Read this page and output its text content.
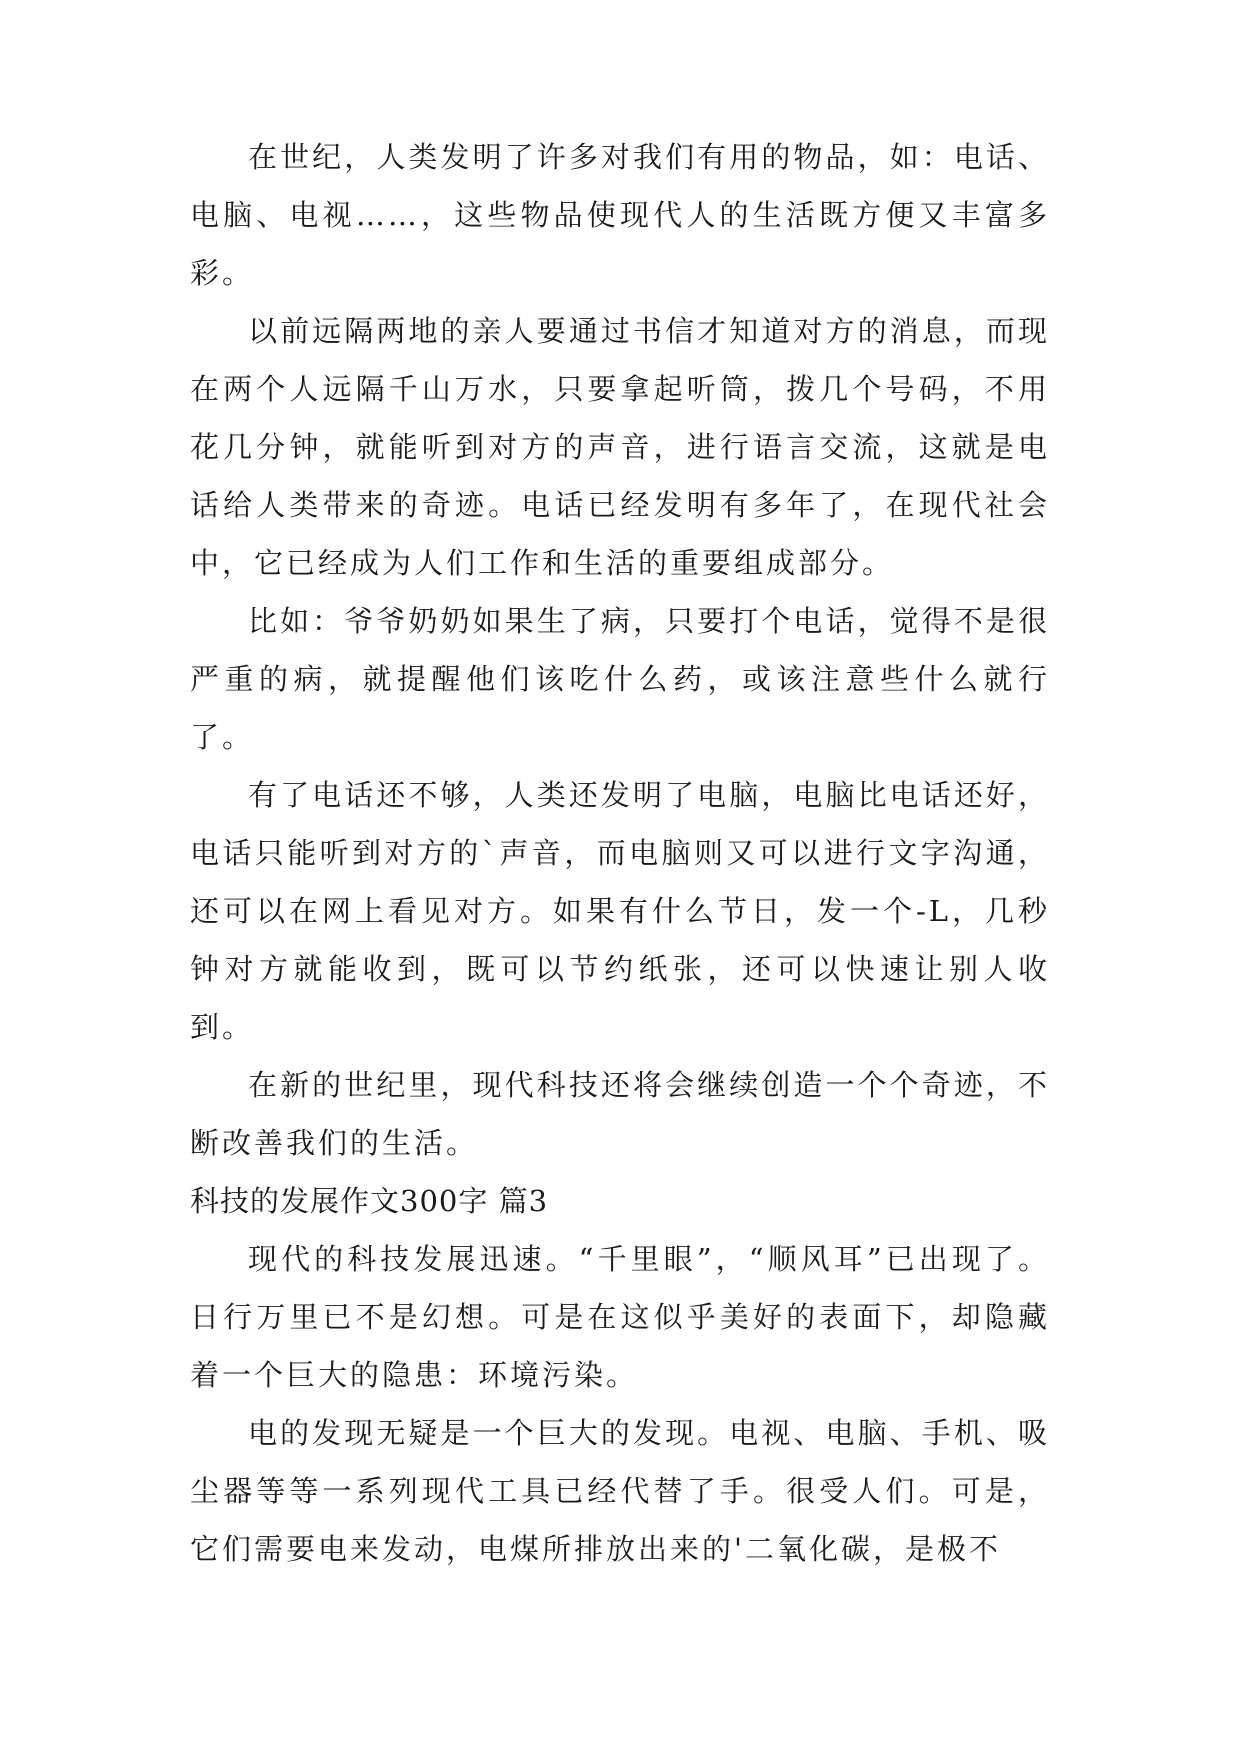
在世纪，人类发明了许多对我们有用的物品，如：电话、电脑、电视……，这些物品使现代人的生活既方便又丰富多彩。

以前远隔两地的亲人要通过书信才知道对方的消息，而现在两个人远隔千山万水，只要拿起听筒，拨几个号码，不用花几分钟，就能听到对方的声音，进行语言交流，这就是电话给人类带来的奇迹。电话已经发明有多年了，在现代社会中，它已经成为人们工作和生活的重要组成部分。

比如：爷爷奶奶如果生了病，只要打个电话，觉得不是很严重的病，就提醒他们该吃什么药，或该注意些什么就行了。

有了电话还不够，人类还发明了电脑，电脑比电话还好，电话只能听到对方的`声音，而电脑则又可以进行文字沟通，还可以在网上看见对方。如果有什么节日，发一个-L，几秒钟对方就能收到，既可以节约纸张，还可以快速让别人收到。

在新的世纪里，现代科技还将会继续创造一个个奇迹，不断改善我们的生活。

科技的发展作文300字 篇3

现代的科技发展迅速。“千里眼”，“顺风耳”已出现了。日行万里已不是幻想。可是在这似乎美好的表面下，却隐藏着一个巨大的隐患：环境污染。

电的发现无疑是一个巨大的发现。电视、电脑、手机、吸尘器等等一系列现代工具已经代替了手。很受人们。可是，它们需要电来发动，电煤所排放出来的'二氧化碳，是极不
